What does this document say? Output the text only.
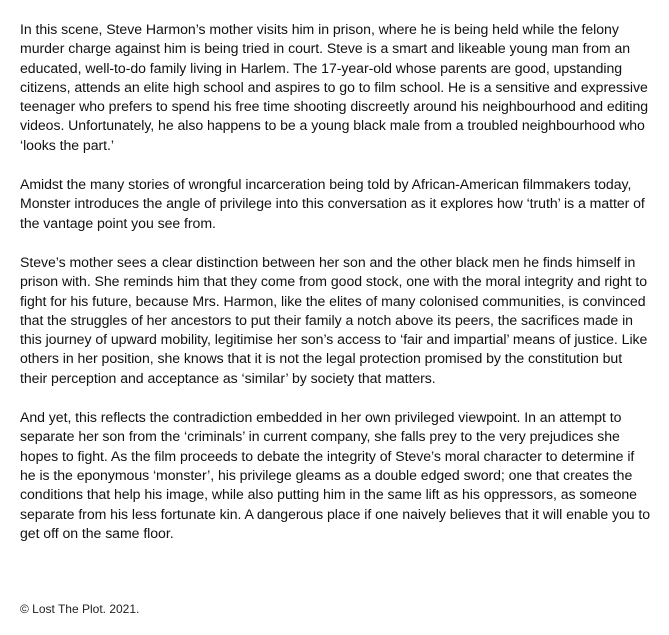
In this scene, Steve Harmon’s mother visits him in prison, where he is being held while the felony murder charge against him is being tried in court. Steve is a smart and likeable young man from an educated, well-to-do family living in Harlem. The 17-year-old whose parents are good, upstanding citizens, attends an elite high school and aspires to go to film school. He is a sensitive and expressive teenager who prefers to spend his free time shooting discreetly around his neighbourhood and editing videos. Unfortunately, he also happens to be a young black male from a troubled neighbourhood who ‘looks the part.’

Amidst the many stories of wrongful incarceration being told by African-American filmmakers today, Monster introduces the angle of privilege into this conversation as it explores how ‘truth’ is a matter of the vantage point you see from.

Steve’s mother sees a clear distinction between her son and the other black men he finds himself in prison with. She reminds him that they come from good stock, one with the moral integrity and right to fight for his future, because Mrs. Harmon, like the elites of many colonised communities, is convinced that the struggles of her ancestors to put their family a notch above its peers, the sacrifices made in this journey of upward mobility, legitimise her son’s access to ‘fair and impartial’ means of justice. Like others in her position, she knows that it is not the legal protection promised by the constitution but their perception and acceptance as ‘similar’ by society that matters.

And yet, this reflects the contradiction embedded in her own privileged viewpoint. In an attempt to separate her son from the ‘criminals’ in current company, she falls prey to the very prejudices she hopes to fight. As the film proceeds to debate the integrity of Steve’s moral character to determine if he is the eponymous ‘monster’, his privilege gleams as a double edged sword; one that creates the conditions that help his image, while also putting him in the same lift as his oppressors, as someone separate from his less fortunate kin. A dangerous place if one naively believes that it will enable you to get off on the same floor.

© Lost The Plot. 2021.
